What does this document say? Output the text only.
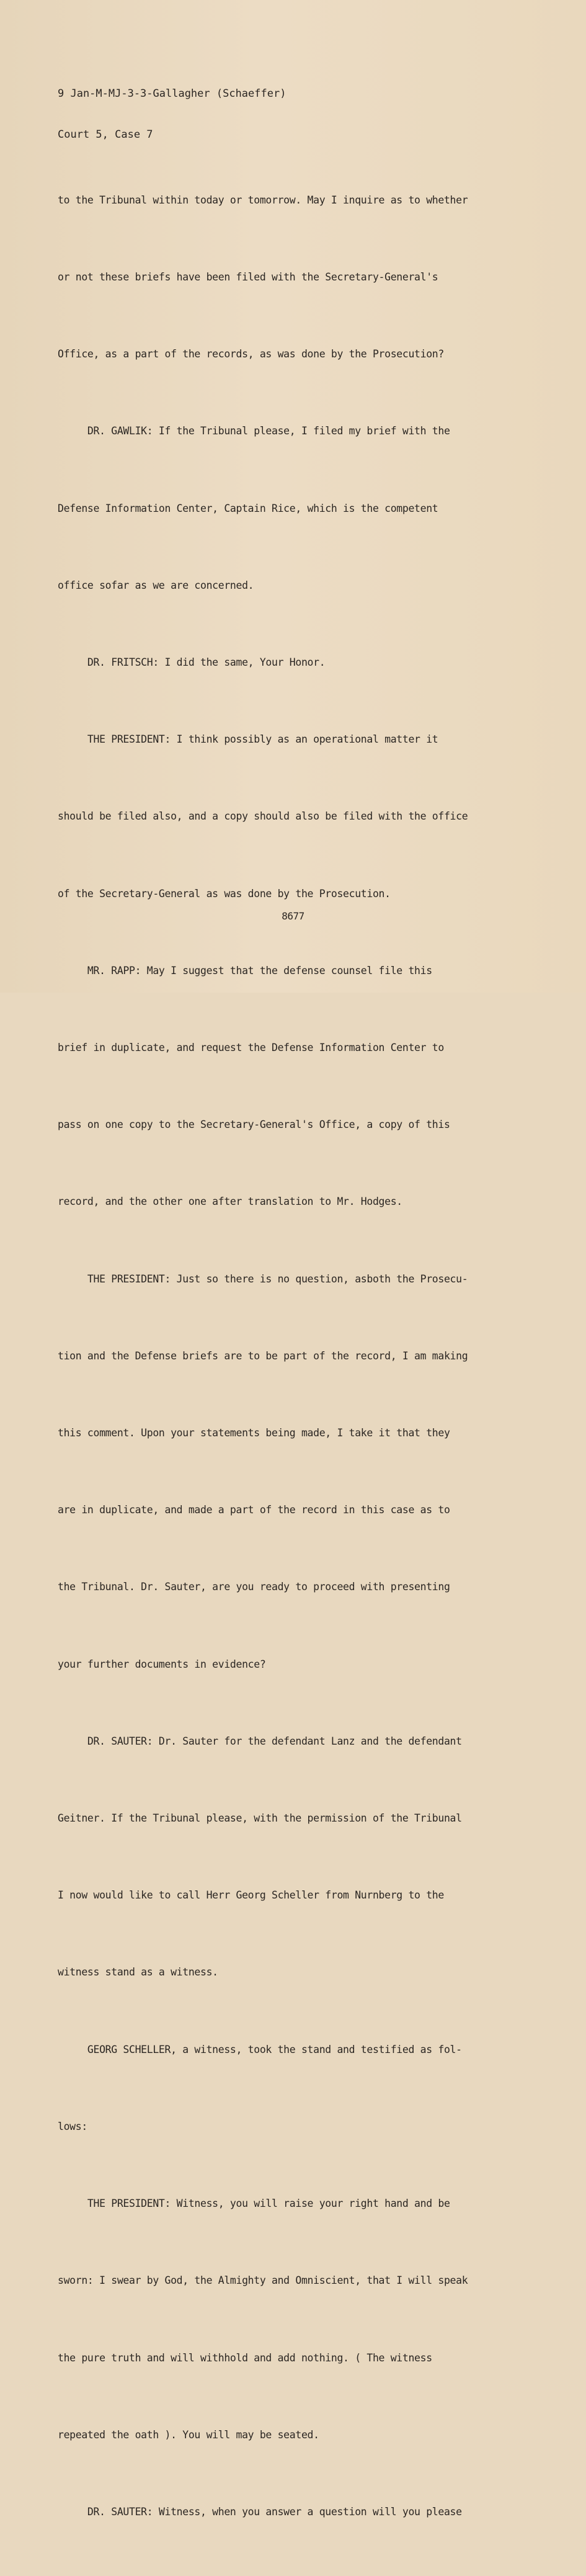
9 Jan-M-MJ-3-3-Gallagher (Schaeffer)

Court 5, Case 7

to the Tribunal within today or tomorrow. May I inquire as to whether

or not these briefs have been filed with the Secretary-General's

Office, as a part of the records, as was done by the Prosecution?

DR. GAWLIK: If the Tribunal please, I filed my brief with the

Defense Information Center, Captain Rice, which is the competent

office sofar as we are concerned.

DR. FRITSCH: I did the same, Your Honor.

THE PRESIDENT: I think possibly as an operational matter it

should be filed also, and a copy should also be filed with the office

of the Secretary-General as was done by the Prosecution.

MR. RAPP: May I suggest that the defense counsel file this

brief in duplicate, and request the Defense Information Center to

pass on one copy to the Secretary-General's Office, a copy of this

record, and the other one after translation to Mr. Hodges.

THE PRESIDENT: Just so there is no question, asboth the Prosecu-

tion and the Defense briefs are to be part of the record, I am making

this comment. Upon your statements being made, I take it that they

are in duplicate, and made a part of the record in this case as to

the Tribunal. Dr. Sauter, are you ready to proceed with presenting

your further documents in evidence?

DR. SAUTER: Dr. Sauter for the defendant Lanz and the defendant

Geitner. If the Tribunal please, with the permission of the Tribunal

I now would like to call Herr Georg Scheller from Nurnberg to the

witness stand as a witness.

GEORG SCHELLER, a witness, took the stand and testified as fol-

lows:

THE PRESIDENT: Witness, you will raise your right hand and be

sworn: I swear by God, the Almighty and Omniscient, that I will speak

the pure truth and will withhold and add nothing. ( The witness

repeated the oath ). You will may be seated.

DR. SAUTER: Witness, when you answer a question will you please

8677
